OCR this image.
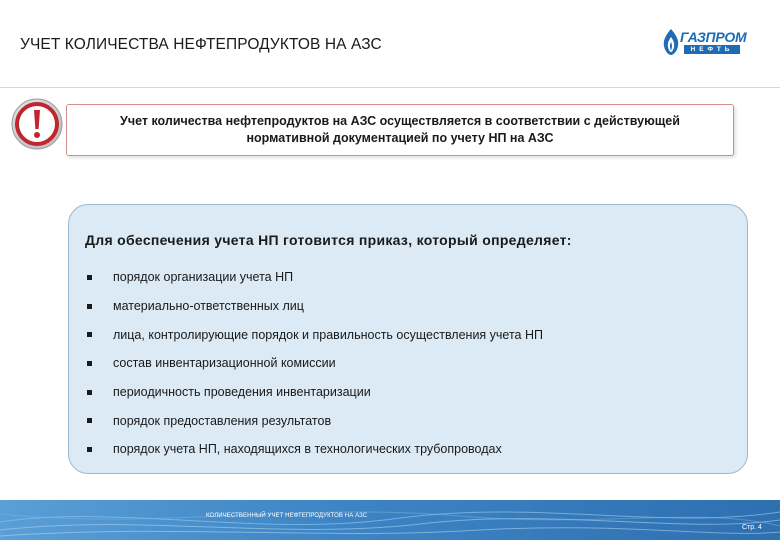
УЧЕТ КОЛИЧЕСТВА НЕФТЕПРОДУКТОВ НА АЗС	ГАЗПРОМ
НЕФТЬ
Учет количества нефтепродуктов на АЗС осуществляется в соответствии с действующей
нормативной документацией по учету НП на АЗС
Для обеспечения учета НП готовится приказ, который определяет:
порядок организации учета НП
материально-ответственных лиц
лица, контролирующие порядок и правильность осуществления учета НП
состав инвентаризационной комиссии
периодичность проведения инвентаризации
порядок предоставления результатов
порядок учета НП, находящихся в технологических трубопроводах
КОЛИЧЕСТВЕННЫЙ УЧЕТ НЕФТЕПРОДУКТОВ НА АЗС
Стр. 4
